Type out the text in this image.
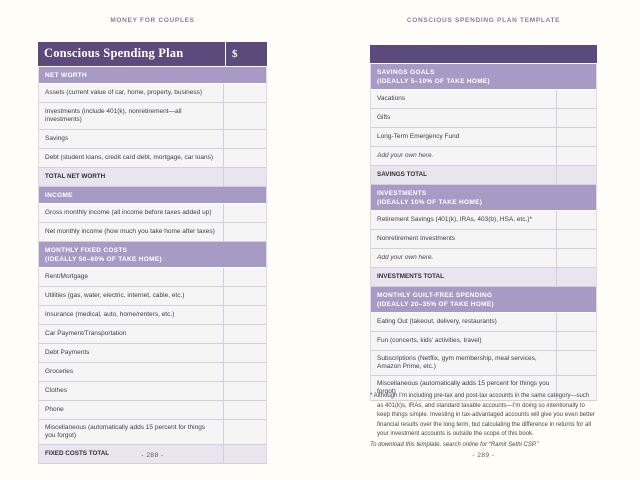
MONEY FOR COUPLES
Conscious Spending Plan	$
NET WORTH
Assets (current value of car, home, property, business)
Investments (include 401(k), nonretirement—all investments)
Savings
Debt (student loans, credit card debt, mortgage, car loans)
TOTAL NET WORTH
INCOME
Gross monthly income (all income before taxes added up)
Net monthly income (how much you take home after taxes)
MONTHLY FIXED COSTS
(IDEALLY 50–60% OF TAKE HOME)
Rent/Mortgage
Utilities (gas, water, electric, internet, cable, etc.)
Insurance (medical, auto, home/renters, etc.)
Car Payment/Transportation
Debt Payments
Groceries
Clothes
Phone
Miscellaneous (automatically adds 15 percent for things you forgot)
FIXED COSTS TOTAL	- 288 -
CONSCIOUS SPENDING PLAN TEMPLATE
SAVINGS GOALS
(IDEALLY 5–10% OF TAKE HOME)
Vacations
Gifts
Long-Term Emergency Fund
Add your own here.
SAVINGS TOTAL
INVESTMENTS
(IDEALLY 10% OF TAKE HOME)
Retirement Savings (401(k), IRAs, 403(b), HSA, etc.)*
Nonretirement Investments
Add your own here.
INVESTMENTS TOTAL
MONTHLY GUILT-FREE SPENDING
(IDEALLY 20–35% OF TAKE HOME)
Eating Out (takeout, delivery, restaurants)
Fun (concerts, kids’ activities, travel)
Subscriptions (Netflix, gym membership, meal services, Amazon Prime, etc.)
Miscellaneous (automatically adds 15 percent for things you forgot)
* Although I’m including pre-tax and post-tax accounts in the same category—such as 401(k)s, IRAs, and standard taxable accounts—I’m doing so intentionally to keep things simple. Investing in tax-advantaged accounts will give you even better financial results over the long term, but calculating the difference in returns for all your investment accounts is outside the scope of this book.
To download this template, search online for “Ramit Sethi CSP.”
- 289 -
